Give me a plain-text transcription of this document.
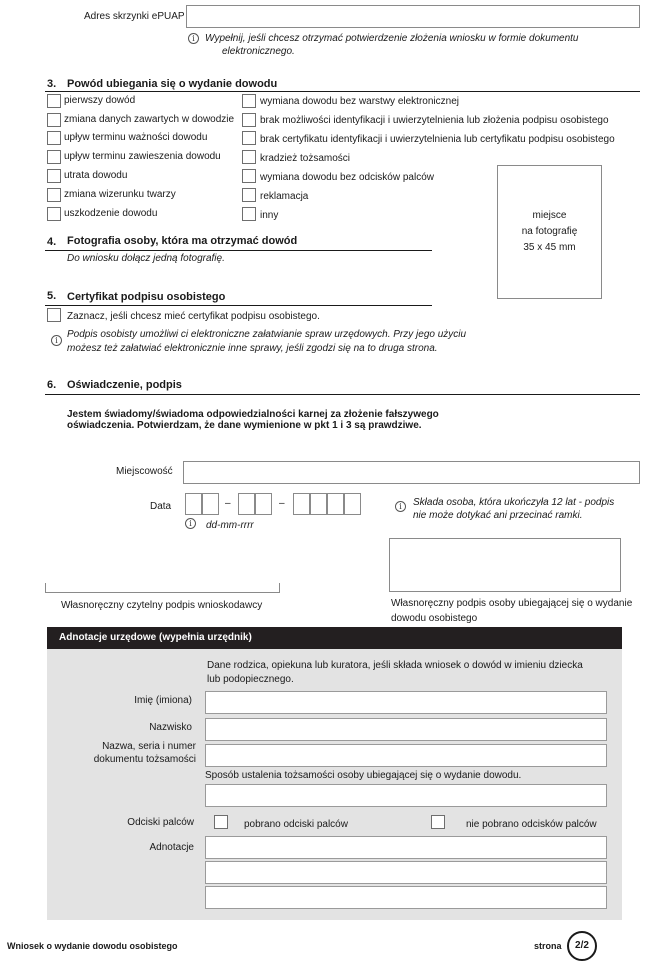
Adres skrzynki ePUAP
i	Wypełnij, jeśli chcesz otrzymać potwierdzenie złożenia wniosku w formie dokumentu
elektronicznego.
3. Powód ubiegania się o wydanie dowodu
pierwszy dowód
zmiana danych zawartych w dowodzie
upływ terminu ważności dowodu
upływ terminu zawieszenia dowodu
utrata dowodu
zmiana wizerunku twarzy
uszkodzenie dowodu
wymiana dowodu bez warstwy elektronicznej
brak możliwości identyfikacji i uwierzytelnienia lub złożenia podpisu osobistego
brak certyfikatu identyfikacji i uwierzytelnienia lub certyfikatu podpisu osobistego
kradzież tożsamości
wymiana dowodu bez odcisków palców
reklamacja
inny	miejsce
na fotografię
35 x 45 mm
4. Fotografia osoby, która ma otrzymać dowód
Do wniosku dołącz jedną fotografię.
5. Certyfikat podpisu osobistego
Zaznacz, jeśli chcesz mieć certyfikat podpisu osobistego.
i
Podpis osobisty umożliwi ci elektroniczne załatwianie spraw urzędowych. Przy jego użyciu
możesz też załatwiać elektronicznie inne sprawy, jeśli zgodzi się na to druga strona.
6. Oświadczenie, podpis
Jestem świadomy/świadoma odpowiedzialności karnej za złożenie fałszywego
oświadczenia. Potwierdzam, że dane wymienione w pkt 1 i 3 są prawdziwe.
Miejscowość
Data	–	–
i	dd-mm-rrrr
i	Składa osoba, która ukończyła 12 lat - podpis
nie może dotykać ani przecinać ramki.
Własnoręczny czytelny podpis wnioskodawcy	Własnoręczny podpis osoby ubiegającej się o wydanie
dowodu osobistego
Adnotacje urzędowe (wypełnia urzędnik)
Dane rodzica, opiekuna lub kuratora, jeśli składa wniosek o dowód w imieniu dziecka
lub podopiecznego.
Imię (imiona)
Nazwisko
Nazwa, seria i numer
dokumentu tożsamości
Sposób ustalenia tożsamości osoby ubiegającej się o wydanie dowodu.
Odciski palców	pobrano odciski palców	nie pobrano odcisków palców
Adnotacje
Wniosek o wydanie dowodu osobistego	strona	2/2
